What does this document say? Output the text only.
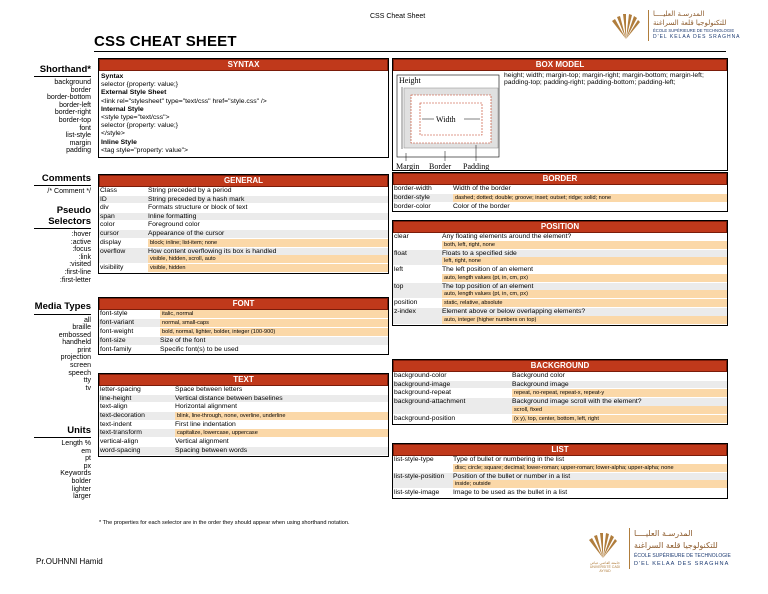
CSS Cheat Sheet
CSS CHEAT SHEET
المدرسـة العليــــا
للتكنولوجيا قلعة السراغنة
ÉCOLE SUPÉRIEURE DE TECHNOLOGIE
D'EL KELAA DES SRAGHNA
Shorthand*
background
border
border-bottom
border-left
border-right
border-top
font
list-style
margin
padding
Comments
/* Comment */
Pseudo Selectors
:hover
:active
:focus
:link
:visited
:first-line
:first-letter
Media Types
all
braille
embossed
handheld
print
projection
screen
speech
tty
tv
Units
Length %
em
pt
px
Keywords
bolder
lighter
larger
SYNTAX
Syntax
selector {property: value;}
External Style Sheet
<link rel="stylesheet" type="text/css" href="style.css" />
Internal Style
<style type="text/css">
selector {property: value;}
</style>
Inline Style
<tag style="property: value">
GENERAL
Class	String preceded by a period
ID	String preceded by a hash mark
div	Formats structure or block of text
span	Inline formatting
color	Foreground color
cursor	Appearance of the cursor
display	block; inline; list-item; none
overflow	How content overflowing its box is handled
visible, hidden, scroll, auto
visibility	visible, hidden
FONT
font-style	italic, normal
font-variant	normal, small-caps
font-weight	bold, normal, lighter, bolder, integer (100-900)
font-size	Size of the font
font-family	Specific font(s) to be used
TEXT
letter-spacing	Space between letters
line-height	Vertical distance between baselines
text-align	Horizontal alignment
text-decoration	blink, line-through, none, overline, underline
text-indent	First line indentation
text-transform	capitalize, lowercase, uppercase
vertical-align	Vertical alignment
word-spacing	Spacing between words
BOX MODEL
Height
Width
Margin Border Padding
height; width; margin-top; margin-right; margin-bottom; margin-left; padding-top; padding-right; padding-bottom; padding-left;
BORDER
border-width	Width of the border
border-style	dashed; dotted; double; groove; inset; outset; ridge; solid; none
border-color	Color of the border
POSITION
clear	Any floating elements around the element?
both, left, right, none
float	Floats to a specified side
left, right, none
left	The left position of an element
auto, length values (pt, in, cm, px)
top	The top position of an element
auto, length values (pt, in, cm, px)
position	static, relative, absolute
z-index	Element above or below overlapping elements?
auto, integer (higher numbers on top)
BACKGROUND
background-color	Background color
background-image	Background image
background-repeat	repeat, no-repeat, repeat-x, repeat-y
background-attachment	Background image scroll with the element?
scroll, fixed
background-position	(x y), top, center, bottom, left, right
LIST
list-style-type	Type of bullet or numbering in the list
disc; circle; square; decimal; lower-roman; upper-roman; lower-alpha; upper-alpha; none
list-style-position	Position of the bullet or number in a list
inside; outside
list-style-image	Image to be used as the bullet in a list
* The properties for each selector are in the order they should appear when using shorthand notation.
Pr.OUHNNI Hamid	جامعة القاضي عياض UNIVERSITÉ CADI AYYAD
المدرسـة العليــــا
للتكنولوجيا قلعة السراغنة
ÉCOLE SUPÉRIEURE DE TECHNOLOGIE
D'EL KELAA DES SRAGHNA
